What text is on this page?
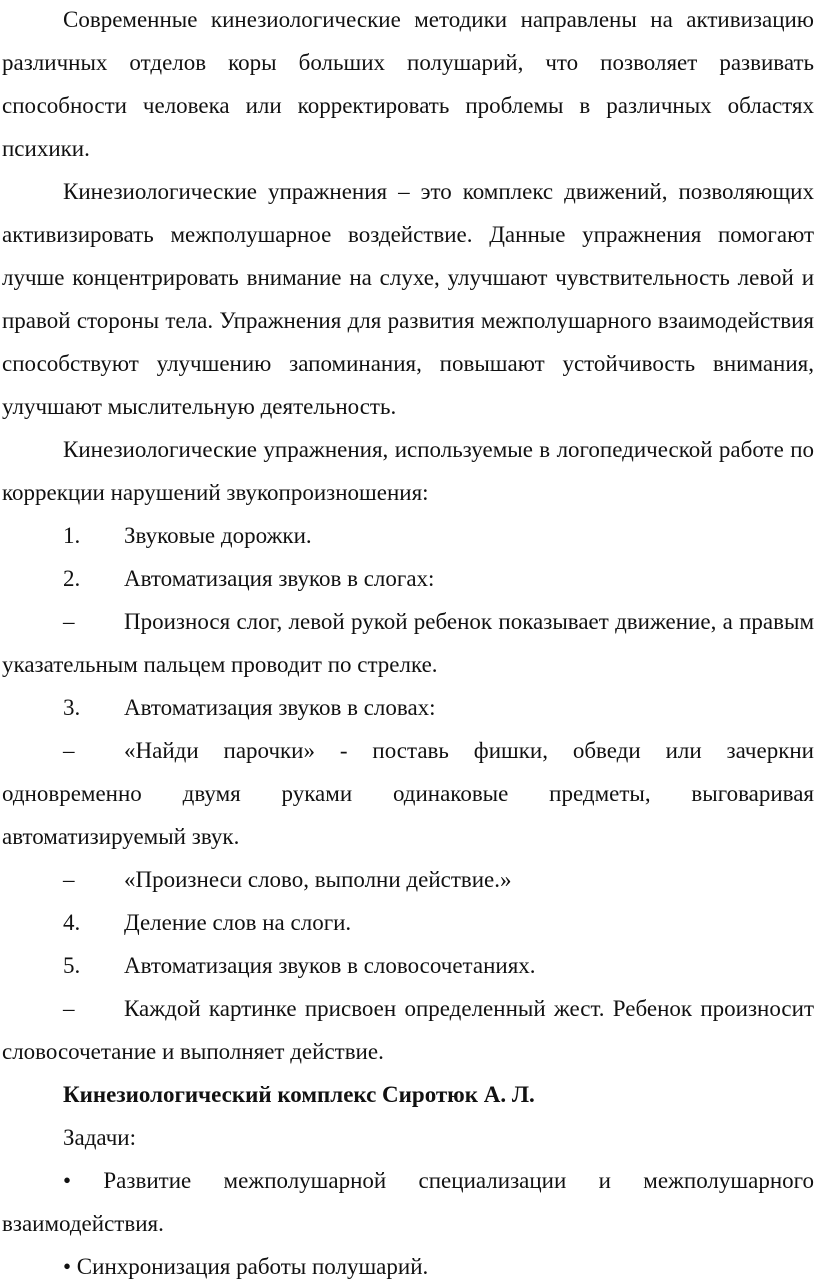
Современные кинезиологические методики направлены на активизацию различных отделов коры больших полушарий, что позволяет развивать способности человека или корректировать проблемы в различных областях психики.

Кинезиологические упражнения – это комплекс движений, позволяющих активизировать межполушарное воздействие. Данные упражнения помогают лучше концентрировать внимание на слухе, улучшают чувствительность левой и правой стороны тела. Упражнения для развития межполушарного взаимодействия способствуют улучшению запоминания, повышают устойчивость внимания, улучшают мыслительную деятельность.

Кинезиологические упражнения, используемые в логопедической работе по коррекции нарушений звукопроизношения:

1. Звуковые дорожки.

2. Автоматизация звуков в слогах:

– Произнося слог, левой рукой ребенок показывает движение, а правым указательным пальцем проводит по стрелке.

3. Автоматизация звуков в словах:

– «Найди парочки» - поставь фишки, обведи или зачеркни одновременно двумя руками одинаковые предметы, выговаривая автоматизируемый звук.

– «Произнеси слово, выполни действие.»

4. Деление слов на слоги.

5. Автоматизация звуков в словосочетаниях.

– Каждой картинке присвоен определенный жест. Ребенок произносит словосочетание и выполняет действие.

Кинезиологический комплекс Сиротюк А. Л.

Задачи:

• Развитие межполушарной специализации и межполушарного взаимодействия.

• Синхронизация работы полушарий.
